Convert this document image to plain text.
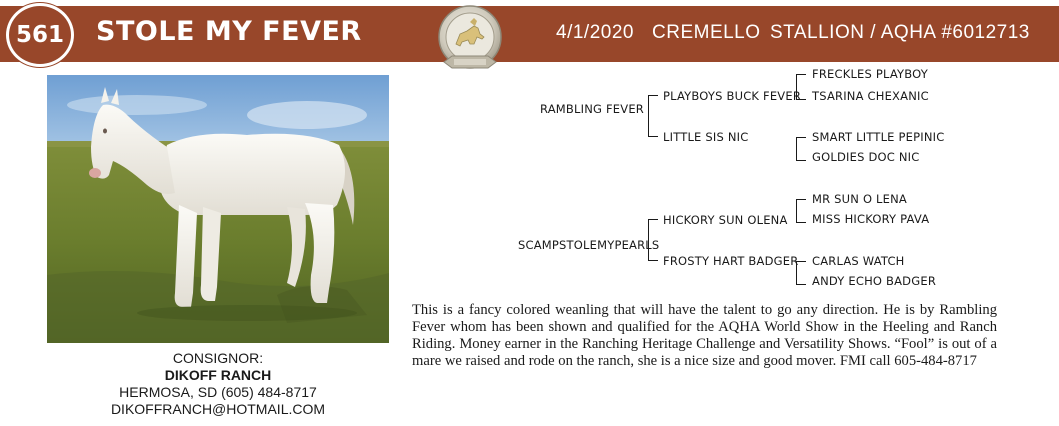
561 STOLE MY FEVER	4/1/2020 CREMELLO STALLION / AQHA #6012713
CONSIGNOR:
DIKOFF RANCH
HERMOSA, SD (605) 484-8717
DIKOFFRANCH@HOTMAIL.COM
RAMBLING FEVER
PLAYBOYS BUCK FEVER
LITTLE SIS NIC
FRECKLES PLAYBOY
TSARINA CHEXANIC
SMART LITTLE PEPINIC
GOLDIES DOC NIC
SCAMPSTOLEMYPEARLS
HICKORY SUN OLENA
FROSTY HART BADGER
MR SUN O LENA
MISS HICKORY PAVA
CARLAS WATCH
ANDY ECHO BADGER
This is a fancy colored weanling that will have the talent to go any direction. He is by Rambling Fever whom has been shown and qualified for the AQHA World Show in the Heeling and Ranch Riding. Money earner in the Ranching Heritage Challenge and Versatility Shows. “Fool” is out of a mare we raised and rode on the ranch, she is a nice size and good mover. FMI call 605-484-8717
